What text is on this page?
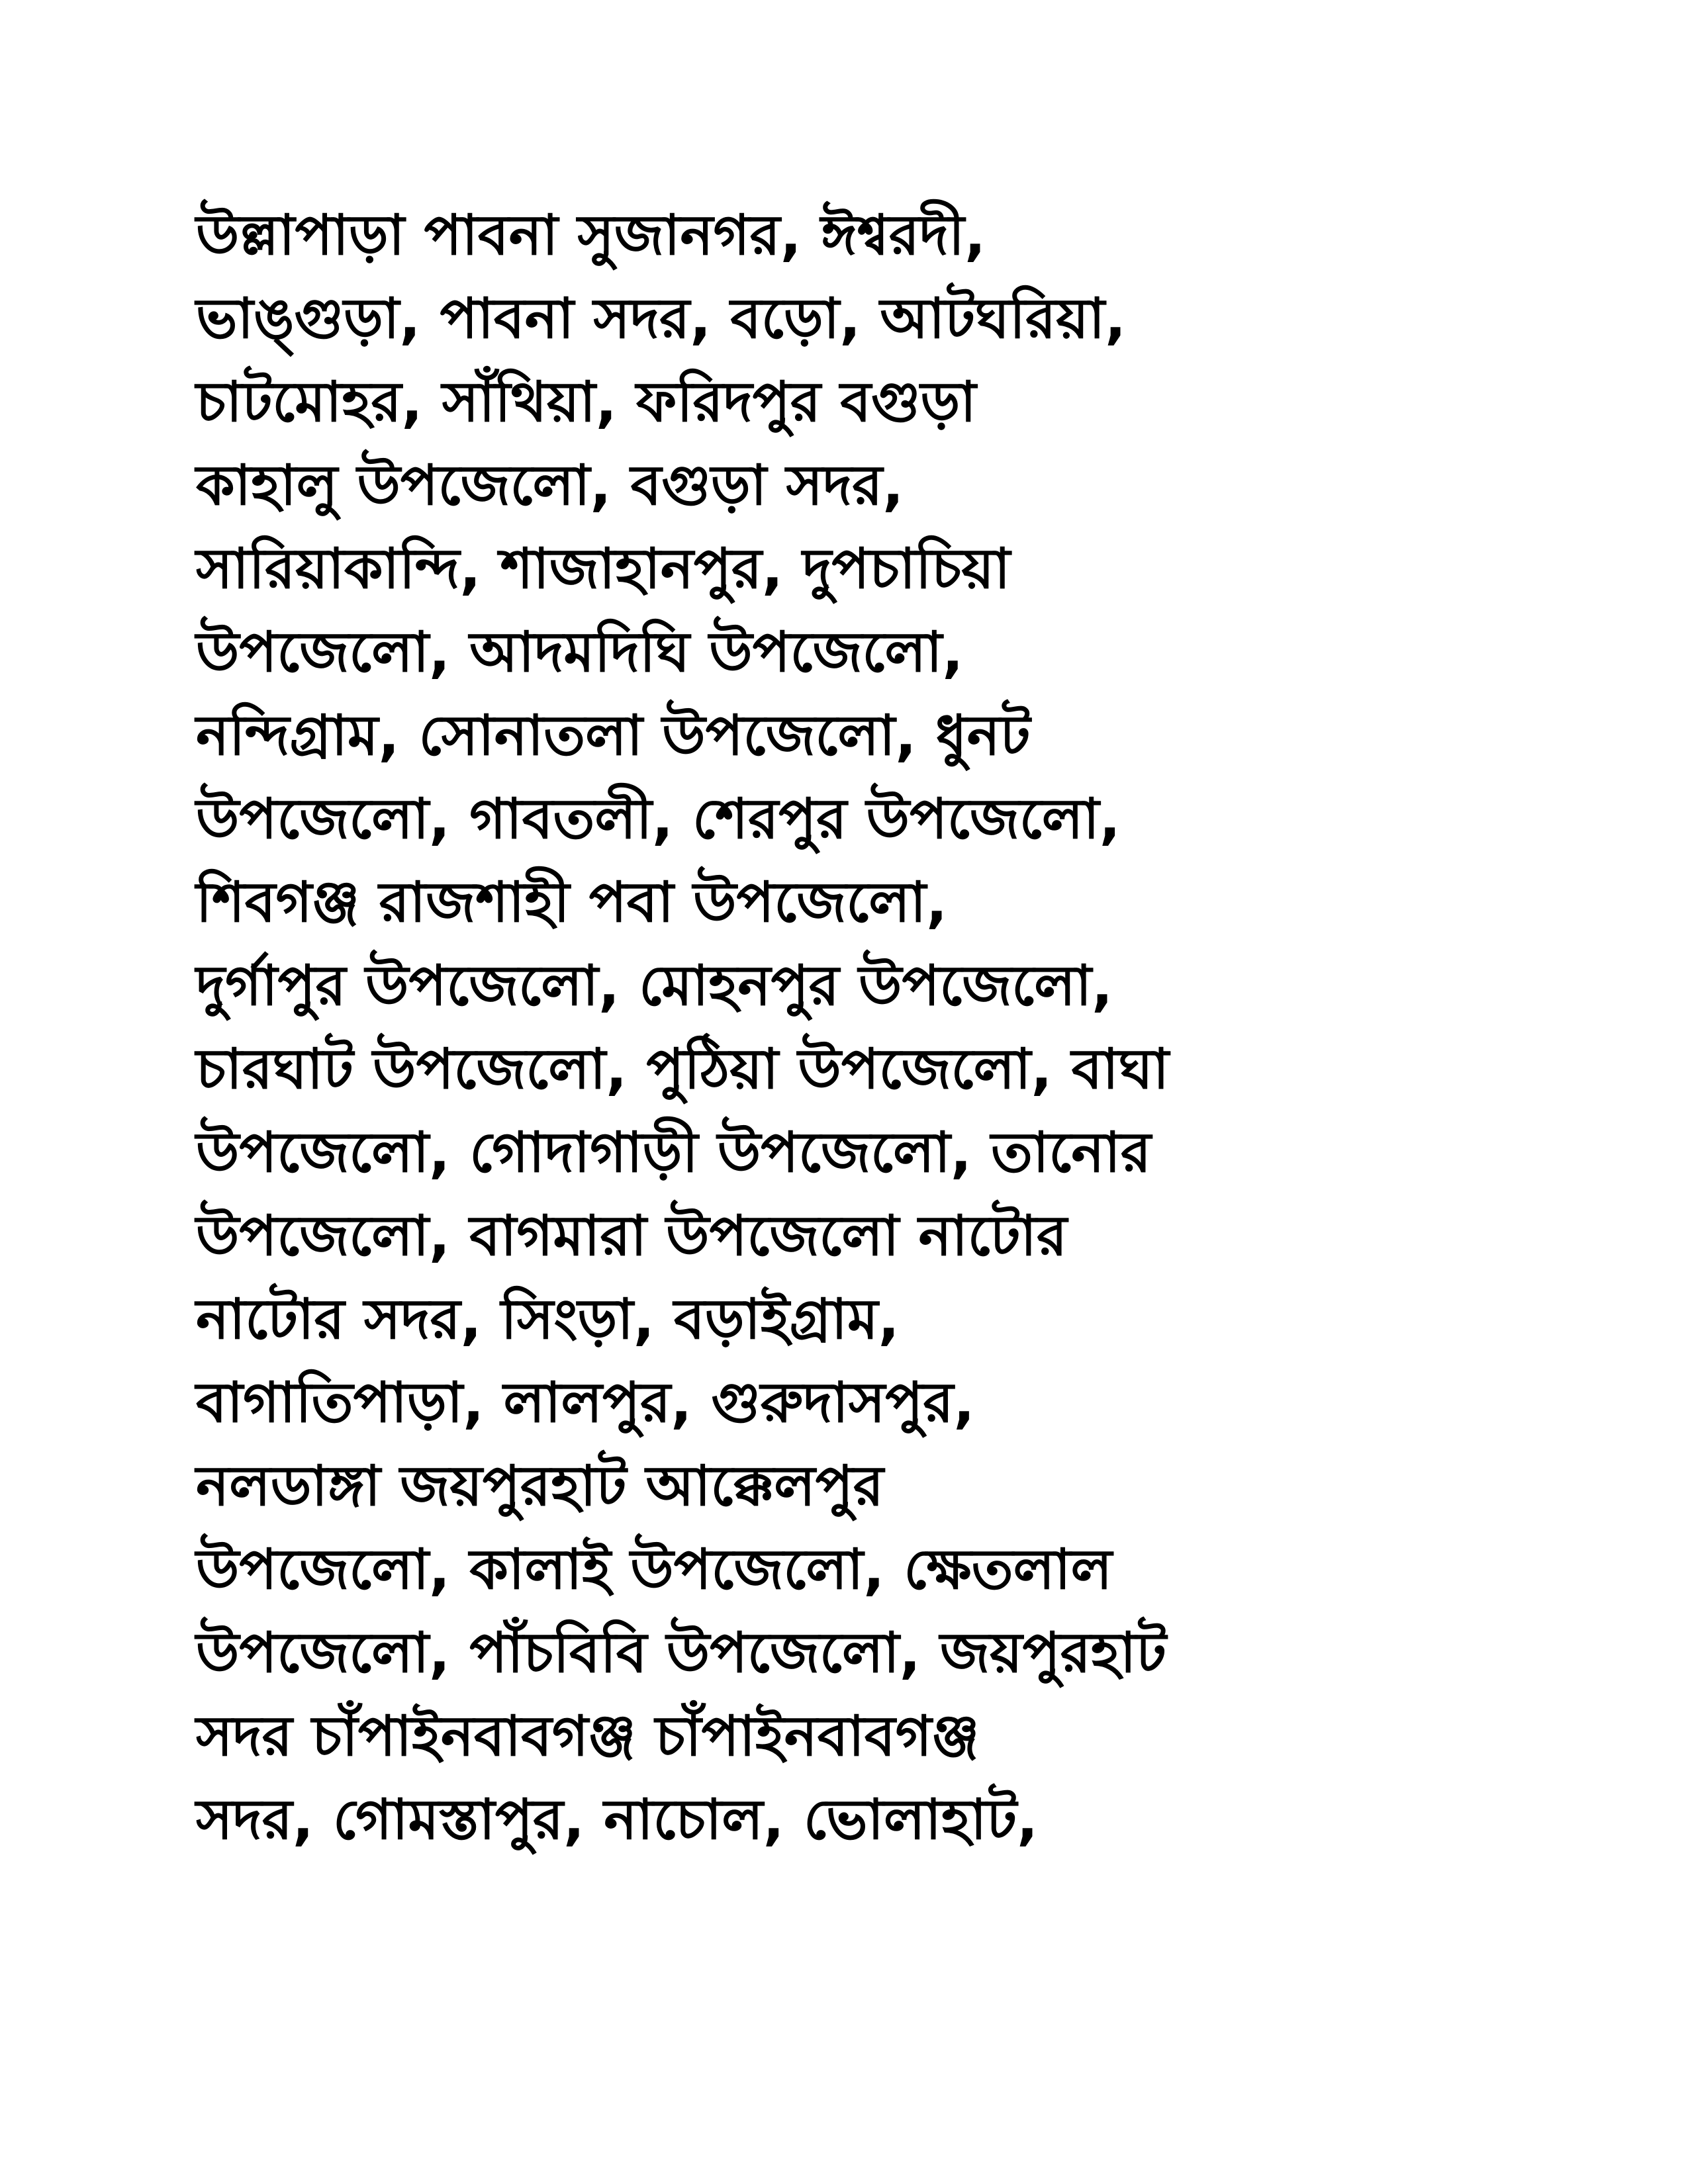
উল্লাপাড়া পাবনা সুজানগর, ঈশ্বরদী,
ভাঙ্গুড়া, পাবনা সদর, বড়ো, আটঘরিয়া,
চাটমোহর, সাঁথিয়া, ফরিদপুর বগুড়া
কাহালু উপজেলো, বগুড়া সদর,
সারিয়াকান্দি, শাজাহানপুর, দুপচাচিয়া
উপজেলো, আদমদিঘি উপজেলো,
নন্দিগ্রাম, সোনাতলা উপজেলো, ধুনট
উপজেলো, গাবতলী, শেরপুর উপজেলো,
শিবগঞ্জ রাজশাহী পবা উপজেলো,
দুর্গাপুর উপজেলো, মোহনপুর উপজেলো,
চারঘাট উপজেলো, পুঠিয়া উপজেলো, বাঘা
উপজেলো, গোদাগাড়ী উপজেলো, তানোর
উপজেলো, বাগমারা উপজেলো নাটোর
নাটোর সদর, সিংড়া, বড়াইগ্রাম,
বাগাতিপাড়া, লালপুর, গুরুদাসপুর,
নলডাঙ্গা জয়পুরহাট আক্কেলপুর
উপজেলো, কালাই উপজেলো, ক্ষেতলাল
উপজেলো, পাঁচবিবি উপজেলো, জয়পুরহাট
সদর চাঁপাইনবাবগঞ্জ চাঁপাইনবাবগঞ্জ
সদর, গোমস্তাপুর, নাচোল, ভোলাহাট,
